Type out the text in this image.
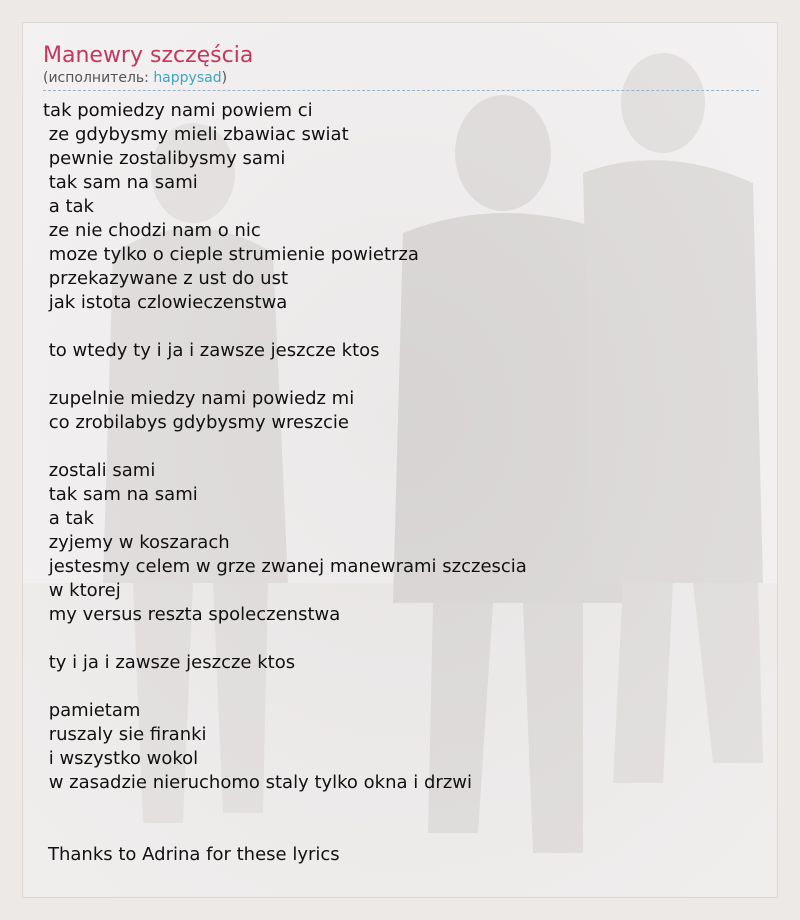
Manewry szczęścia
(исполнитель: happysad)
tak pomiedzy nami powiem ci
ze gdybysmy mieli zbawiac swiat
pewnie zostalibysmy sami
tak sam na sami
a tak
ze nie chodzi nam o nic
moze tylko o cieple strumienie powietrza
przekazywane z ust do ust
jak istota czlowieczenstwa

to wtedy ty i ja i zawsze jeszcze ktos

zupelnie miedzy nami powiedz mi
co zrobilabys gdybysmy wreszcie

zostali sami
tak sam na sami
a tak
zyjemy w koszarach
jestesmy celem w grze zwanej manewrami szczescia
w ktorej
my versus reszta spoleczenstwa

ty i ja i zawsze jeszcze ktos

pamietam
ruszaly sie firanki
i wszystko wokol
w zasadzie nieruchomo staly tylko okna i drzwi
Thanks to Adrina for these lyrics
